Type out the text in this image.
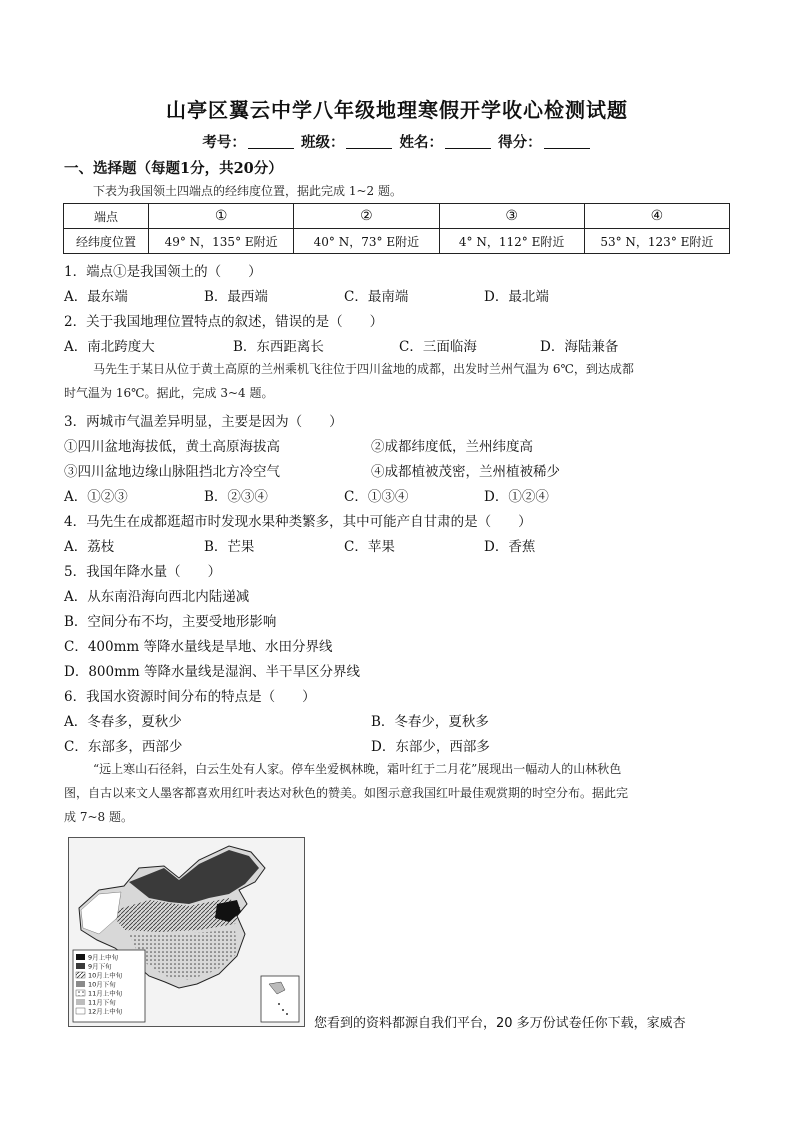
山亭区翼云中学八年级地理寒假开学收心检测试题
考号：	班级：	姓名：	得分：
一、选择题（每题1分，共20分）
下表为我国领土四端点的经纬度位置，据此完成 1~2 题。
端点	①	②	③	④
经纬度位置	49° N，135° E附近	40° N，73° E附近	4° N，112° E附近	53° N，123° E附近
1．端点①是我国领土的（　　）
A．最东端	B．最西端	C．最南端	D．最北端
2．关于我国地理位置特点的叙述，错误的是（　　）
A．南北跨度大	B．东西距离长	C．三面临海	D．海陆兼备
马先生于某日从位于黄土高原的兰州乘机飞往位于四川盆地的成都，出发时兰州气温为 6℃，到达成都
时气温为 16℃。据此，完成 3~4 题。
3．两城市气温差异明显，主要是因为（　　）
①四川盆地海拔低，黄土高原海拔高	②成都纬度低，兰州纬度高
③四川盆地边缘山脉阻挡北方冷空气	④成都植被茂密，兰州植被稀少
A．①②③	B．②③④	C．①③④	D．①②④
4．马先生在成都逛超市时发现水果种类繁多，其中可能产自甘肃的是（　　）
A．荔枝	B．芒果	C．苹果	D．香蕉
5．我国年降水量（　　）
A．从东南沿海向西北内陆递减
B．空间分布不均，主要受地形影响
C．400mm 等降水量线是旱地、水田分界线
D．800mm 等降水量线是湿润、半干旱区分界线
6．我国水资源时间分布的特点是（　　）
A．冬春多，夏秋少	B．冬春少，夏秋多
C．东部多，西部少	D．东部少，西部多
“远上寒山石径斜，白云生处有人家。停车坐爱枫林晚，霜叶红于二月花”展现出一幅动人的山林秋色
图，自古以来文人墨客都喜欢用红叶表达对秋色的赞美。如图示意我国红叶最佳观赏期的时空分布。据此完
成 7~8 题。
9月上中旬
9月下旬
10月上中旬
10月下旬
11月上中旬
11月下旬
12月上中旬
您看到的资料都源自我们平台，20 多万份试卷任你下载，家威杏
